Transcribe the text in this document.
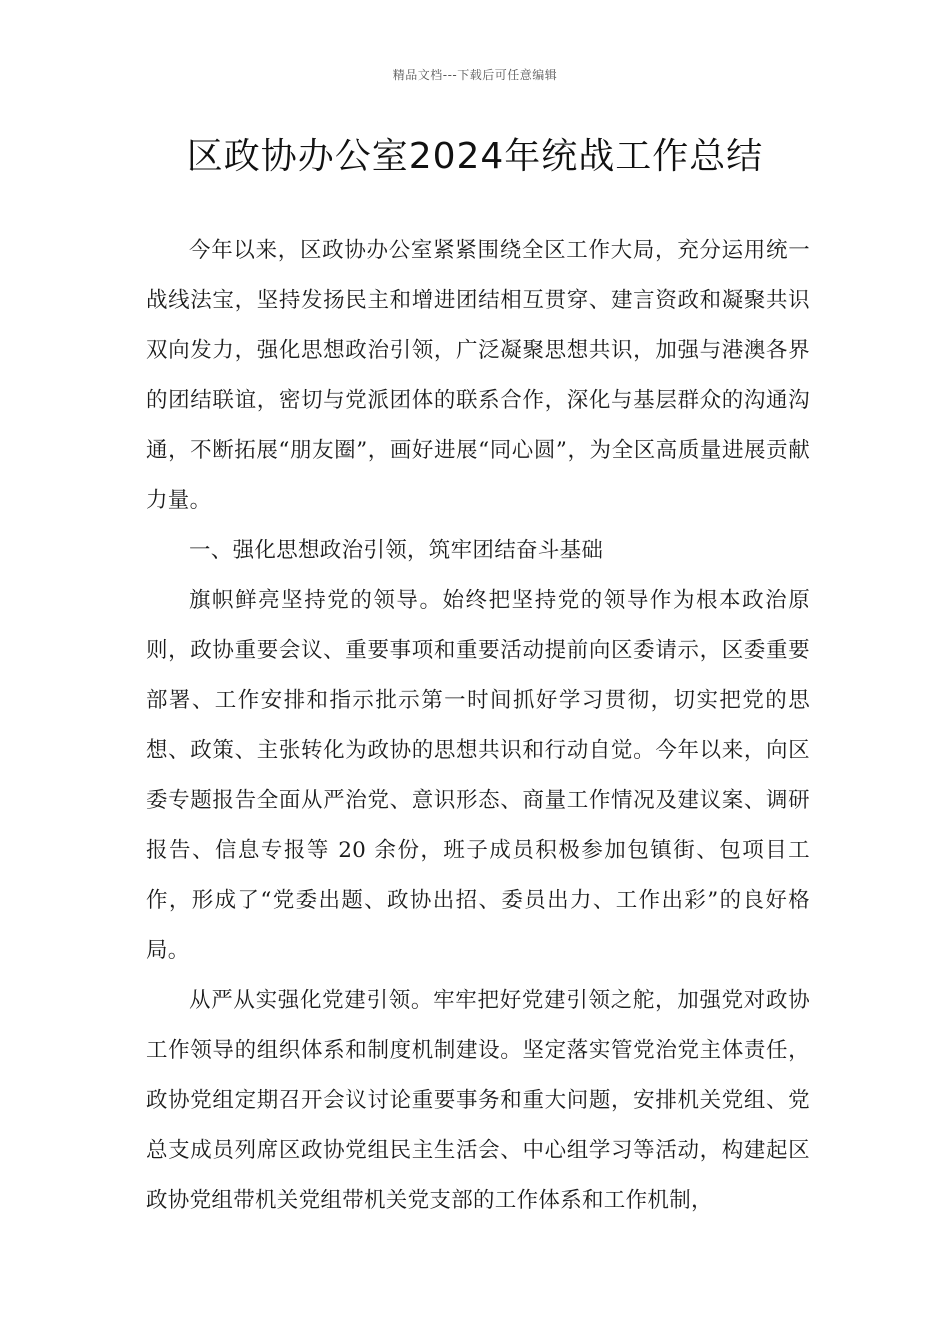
精品文档---下载后可任意编辑
区政协办公室2024年统战工作总结

今年以来，区政协办公室紧紧围绕全区工作大局，充分运用统一战线法宝，坚持发扬民主和增进团结相互贯穿、建言资政和凝聚共识双向发力，强化思想政治引领，广泛凝聚思想共识，加强与港澳各界的团结联谊，密切与党派团体的联系合作，深化与基层群众的沟通沟通，不断拓展“朋友圈”，画好进展“同心圆”，为全区高质量进展贡献力量。

一、强化思想政治引领，筑牢团结奋斗基础

旗帜鲜亮坚持党的领导。始终把坚持党的领导作为根本政治原则，政协重要会议、重要事项和重要活动提前向区委请示，区委重要部署、工作安排和指示批示第一时间抓好学习贯彻，切实把党的思想、政策、主张转化为政协的思想共识和行动自觉。今年以来，向区委专题报告全面从严治党、意识形态、商量工作情况及建议案、调研报告、信息专报等 20 余份，班子成员积极参加包镇街、包项目工作，形成了“党委出题、政协出招、委员出力、工作出彩”的良好格局。

从严从实强化党建引领。牢牢把好党建引领之舵，加强党对政协工作领导的组织体系和制度机制建设。坚定落实管党治党主体责任，政协党组定期召开会议讨论重要事务和重大问题，安排机关党组、党总支成员列席区政协党组民主生活会、中心组学习等活动，构建起区政协党组带机关党组带机关党支部的工作体系和工作机制，
